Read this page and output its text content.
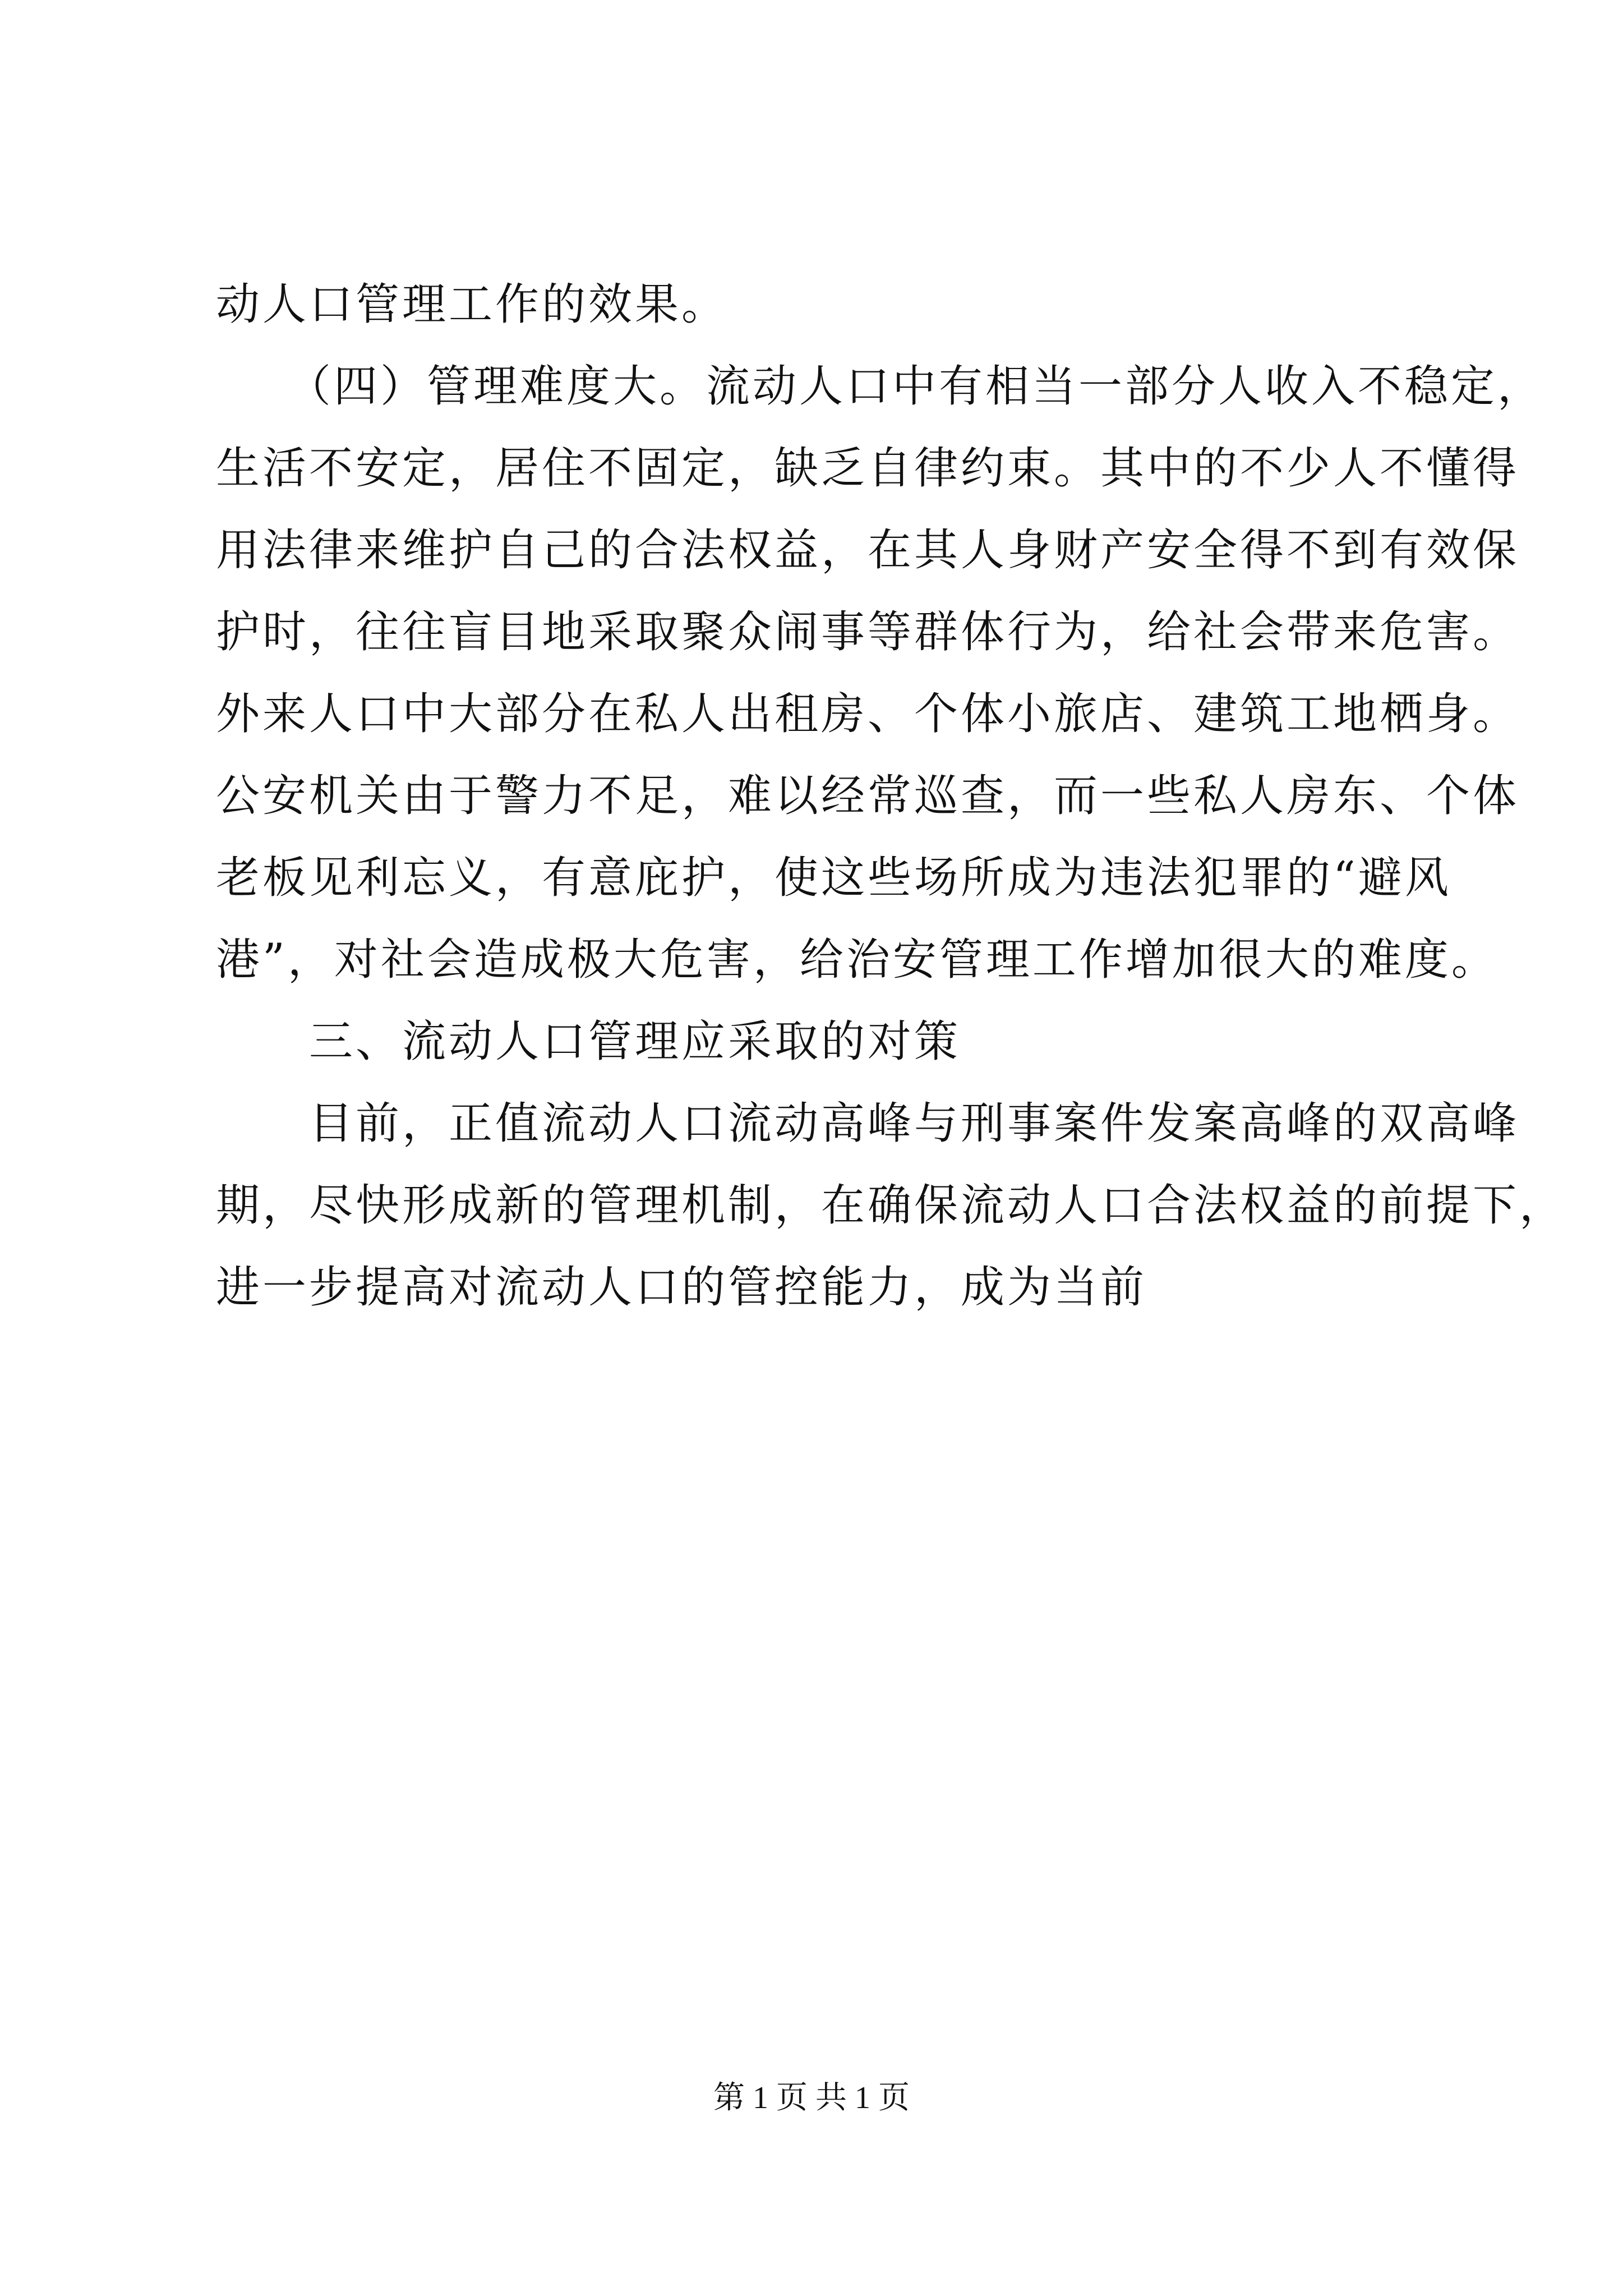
动人口管理工作的效果。
　　（四）管理难度大。流动人口中有相当一部分人收入不稳定，
生活不安定，居住不固定，缺乏自律约束。其中的不少人不懂得
用法律来维护自己的合法权益，在其人身财产安全得不到有效保
护时，往往盲目地采取聚众闹事等群体行为，给社会带来危害。
外来人口中大部分在私人出租房、个体小旅店、建筑工地栖身。
公安机关由于警力不足，难以经常巡查，而一些私人房东、个体
老板见利忘义，有意庇护，使这些场所成为违法犯罪的“避风
港”，对社会造成极大危害，给治安管理工作增加很大的难度。
　　三、流动人口管理应采取的对策
　　目前，正值流动人口流动高峰与刑事案件发案高峰的双高峰
期，尽快形成新的管理机制，在确保流动人口合法权益的前提下，
进一步提高对流动人口的管控能力，成为当前
第 1 页 共 1 页
